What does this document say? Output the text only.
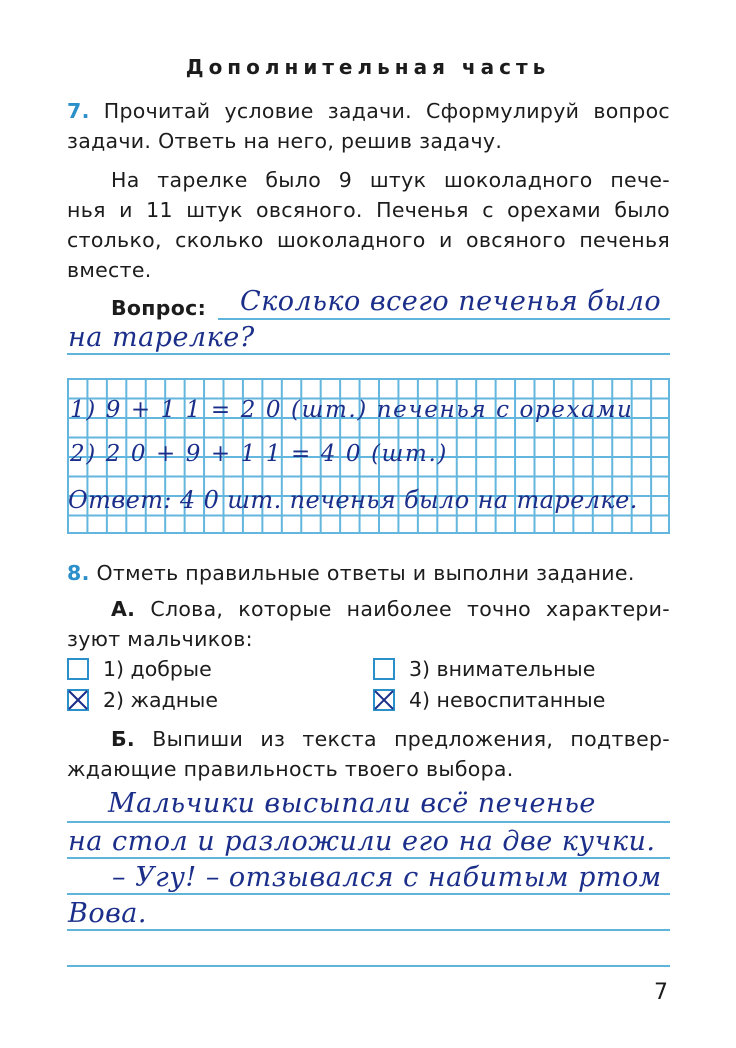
Дополнительная часть
7. Прочитай условие задачи. Сформулируй вопрос
задачи. Ответь на него, решив задачу.
На тарелке было 9 штук шоколадного пече-
нья и 11 штук овсяного. Печенья с орехами было
столько, сколько шоколадного и овсяного печенья
вместе.
Вопрос: Сколько всего печенья было
на тарелке?
1) 9 + 1 1 = 2 0 (шт.) печенья с орехами
2) 2 0 + 9 + 1 1 = 4 0 (шт.)
Ответ: 4 0 шт. печенья было на тарелке.
8. Отметь правильные ответы и выполни задание.
А. Слова, которые наиболее точно характери-
зуют мальчиков:
1) добрые
2) жадные
3) внимательные
4) невоспитанные
Б. Выпиши из текста предложения, подтвер-
ждающие правильность твоего выбора.
Мальчики высыпали всё печенье
на стол и разложили его на две кучки.
– Угу! – отзывался с набитым ртом
Вова.
7
